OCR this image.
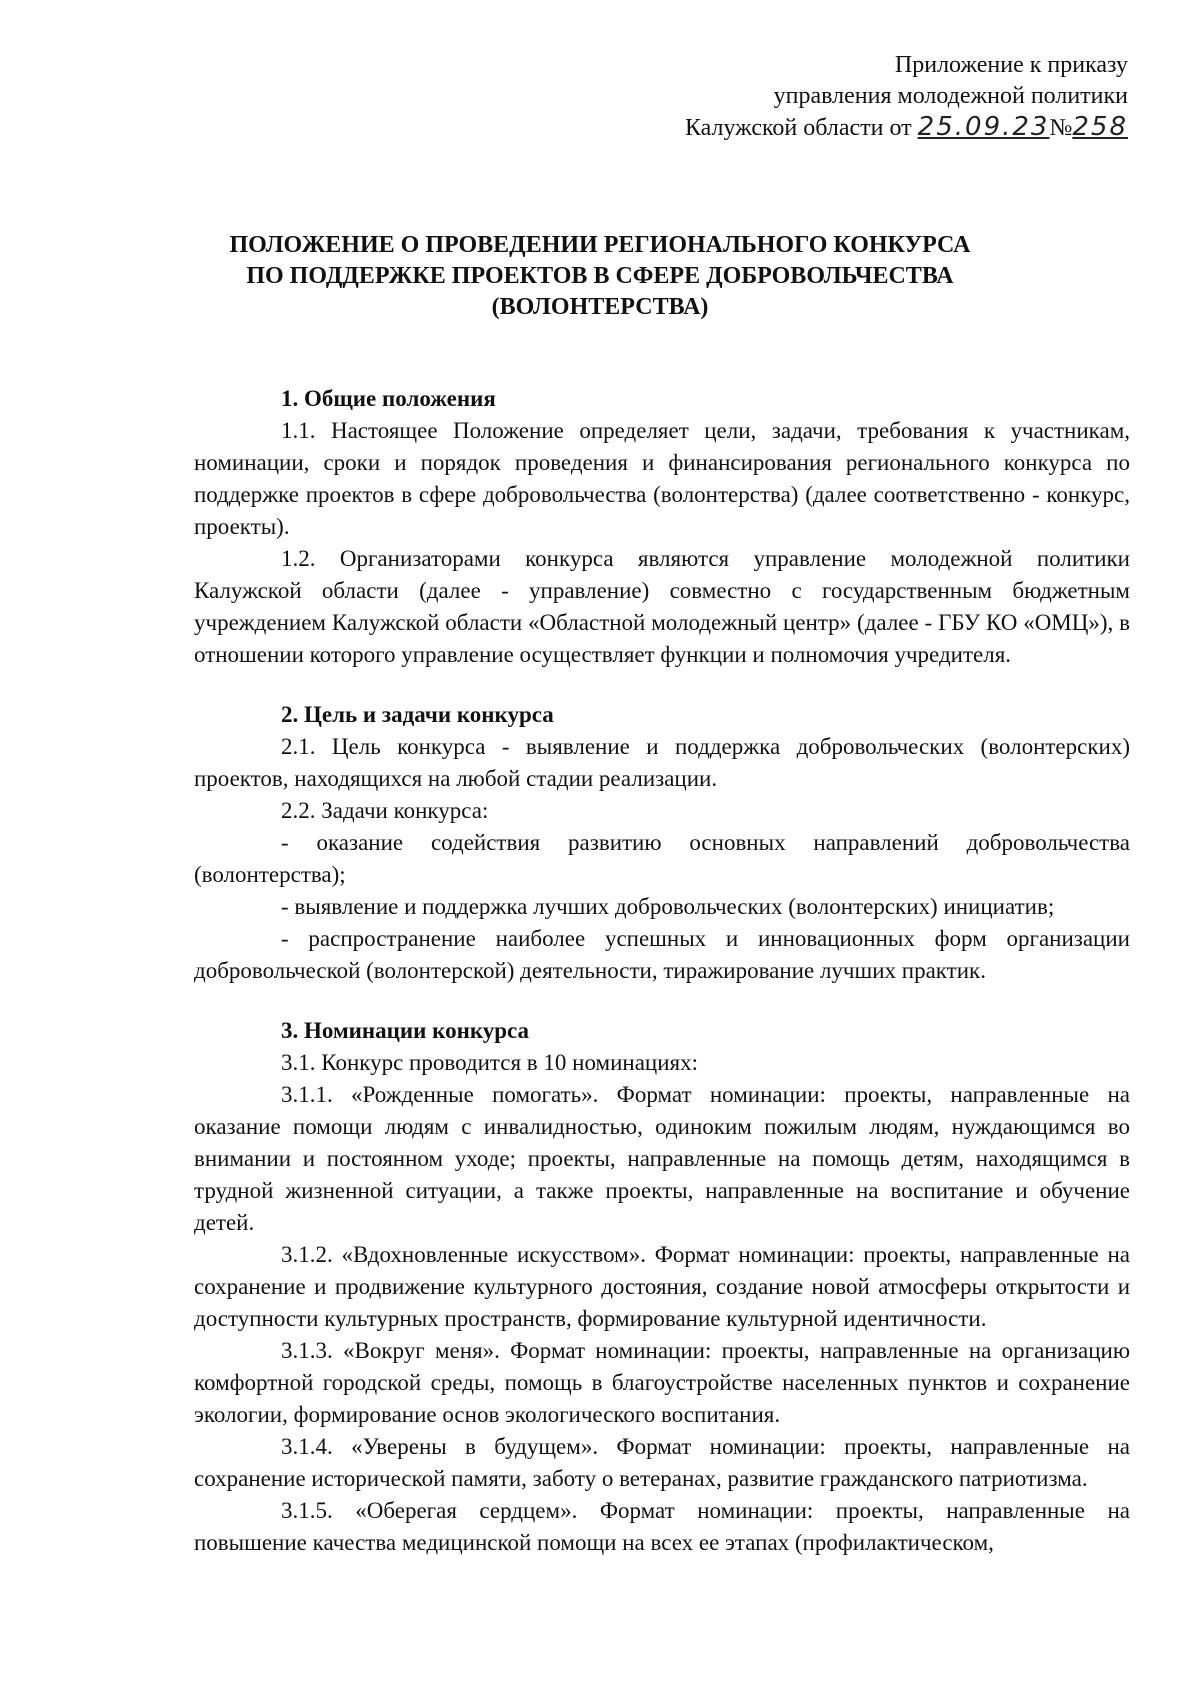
Приложение к приказу
управления молодежной политики
Калужской области от 25.09.23№258
ПОЛОЖЕНИЕ О ПРОВЕДЕНИИ РЕГИОНАЛЬНОГО КОНКУРСА
ПО ПОДДЕРЖКЕ ПРОЕКТОВ В СФЕРЕ ДОБРОВОЛЬЧЕСТВА
(ВОЛОНТЕРСТВА)

1. Общие положения

1.1. Настоящее Положение определяет цели, задачи, требования к участникам, номинации, сроки и порядок проведения и финансирования регионального конкурса по поддержке проектов в сфере добровольчества (волонтерства) (далее соответственно - конкурс, проекты).

1.2. Организаторами конкурса являются управление молодежной политики Калужской области (далее - управление) совместно с государственным бюджетным учреждением Калужской области «Областной молодежный центр» (далее - ГБУ КО «ОМЦ»), в отношении которого управление осуществляет функции и полномочия учредителя.

2. Цель и задачи конкурса

2.1. Цель конкурса - выявление и поддержка добровольческих (волонтерских) проектов, находящихся на любой стадии реализации.

2.2. Задачи конкурса:

- оказание содействия развитию основных направлений добровольчества (волонтерства);

- выявление и поддержка лучших добровольческих (волонтерских) инициатив;

- распространение наиболее успешных и инновационных форм организации добровольческой (волонтерской) деятельности, тиражирование лучших практик.

3. Номинации конкурса

3.1. Конкурс проводится в 10 номинациях:

3.1.1. «Рожденные помогать». Формат номинации: проекты, направленные на оказание помощи людям с инвалидностью, одиноким пожилым людям, нуждающимся во внимании и постоянном уходе; проекты, направленные на помощь детям, находящимся в трудной жизненной ситуации, а также проекты, направленные на воспитание и обучение детей.

3.1.2. «Вдохновленные искусством». Формат номинации: проекты, направленные на сохранение и продвижение культурного достояния, создание новой атмосферы открытости и доступности культурных пространств, формирование культурной идентичности.

3.1.3. «Вокруг меня». Формат номинации: проекты, направленные на организацию комфортной городской среды, помощь в благоустройстве населенных пунктов и сохранение экологии, формирование основ экологического воспитания.

3.1.4. «Уверены в будущем». Формат номинации: проекты, направленные на сохранение исторической памяти, заботу о ветеранах, развитие гражданского патриотизма.

3.1.5. «Оберегая сердцем». Формат номинации: проекты, направленные на повышение качества медицинской помощи на всех ее этапах (профилактическом,
